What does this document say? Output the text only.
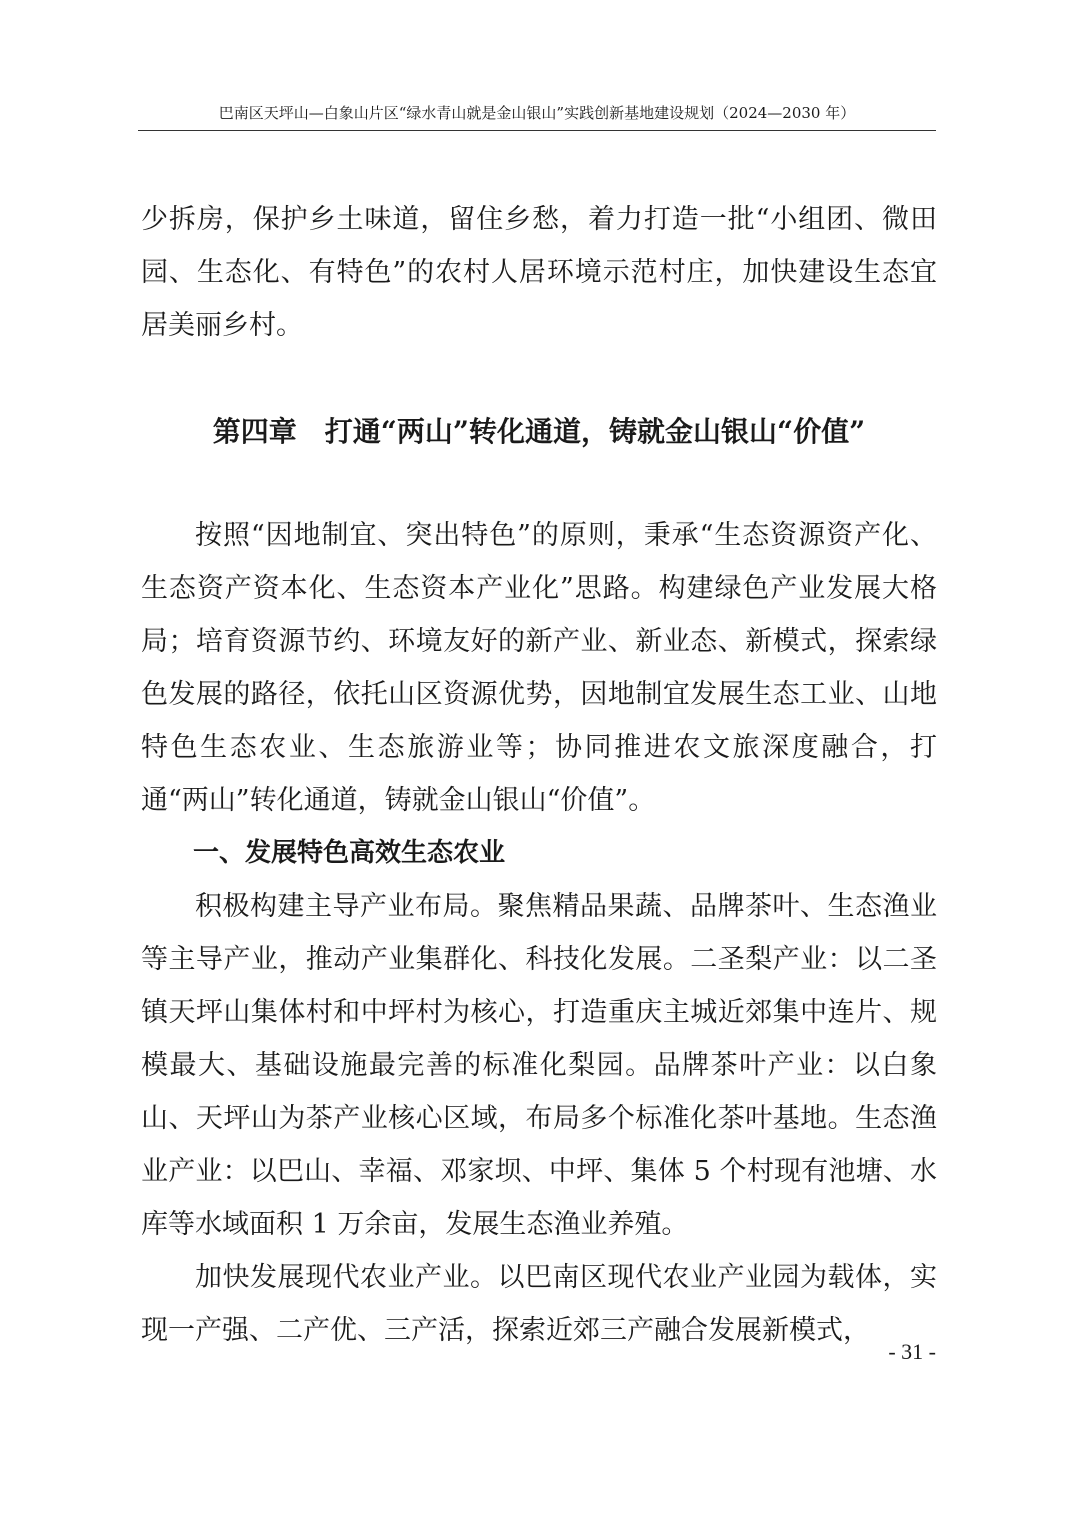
巴南区天坪山—白象山片区“绿水青山就是金山银山”实践创新基地建设规划（2024—2030 年）

少拆房，保护乡土味道，留住乡愁，着力打造一批“小组团、微田园、生态化、有特色”的农村人居环境示范村庄，加快建设生态宜居美丽乡村。

第四章　打通“两山”转化通道，铸就金山银山“价值”

按照“因地制宜、突出特色”的原则，秉承“生态资源资产化、生态资产资本化、生态资本产业化”思路。构建绿色产业发展大格局；培育资源节约、环境友好的新产业、新业态、新模式，探索绿色发展的路径，依托山区资源优势，因地制宜发展生态工业、山地特色生态农业、生态旅游业等；协同推进农文旅深度融合，打通“两山”转化通道，铸就金山银山“价值”。

一、发展特色高效生态农业

积极构建主导产业布局。聚焦精品果蔬、品牌茶叶、生态渔业等主导产业，推动产业集群化、科技化发展。二圣梨产业：以二圣镇天坪山集体村和中坪村为核心，打造重庆主城近郊集中连片、规模最大、基础设施最完善的标准化梨园。品牌茶叶产业：以白象山、天坪山为茶产业核心区域，布局多个标准化茶叶基地。生态渔业产业：以巴山、幸福、邓家坝、中坪、集体 5 个村现有池塘、水库等水域面积 1 万余亩，发展生态渔业养殖。

加快发展现代农业产业。以巴南区现代农业产业园为载体，实现一产强、二产优、三产活，探索近郊三产融合发展新模式，

- 31 -
